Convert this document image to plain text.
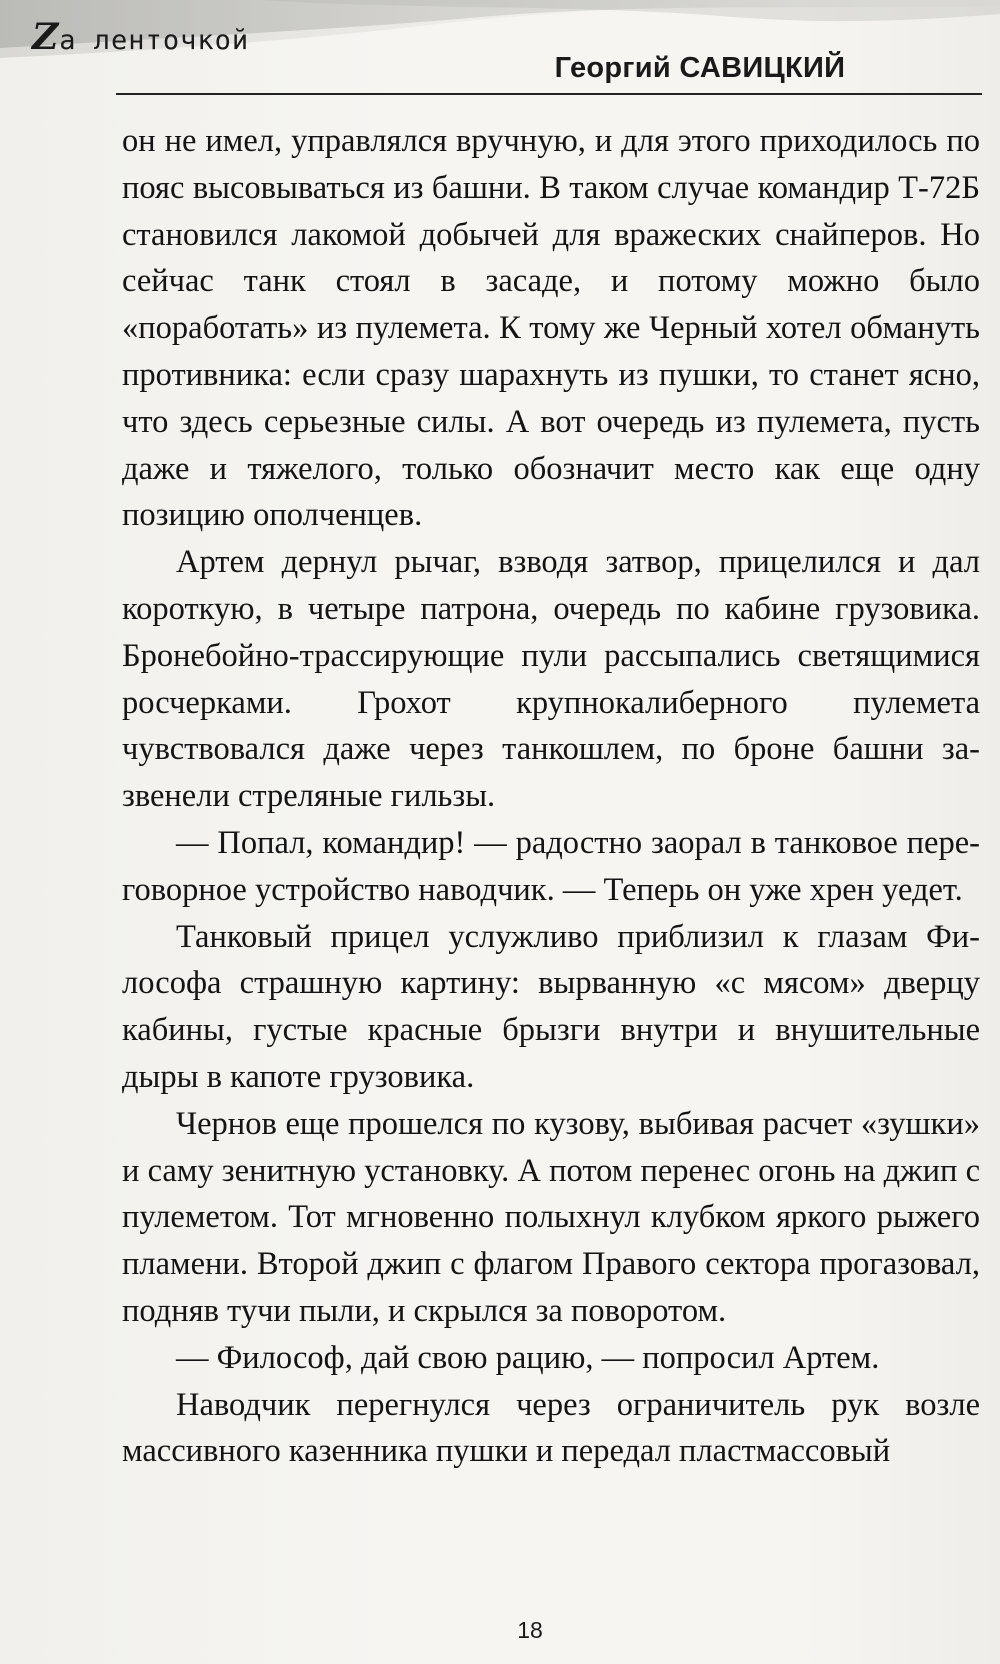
Zа ленточкой
Георгий САВИЦКИЙ

он не имел, управлялся вручную, и для этого приходилось по пояс высовываться из башни. В таком случае командир Т-72Б становился лакомой добычей для вражеских снайперов. Но сейчас танк стоял в засаде, и потому можно было «поработать» из пулемета. К тому же Черный хотел обмануть противника: если сразу шарахнуть из пушки, то станет ясно, что здесь серьезные силы. А вот очередь из пулемета, пусть даже и тяжелого, только обозначит место как еще одну позицию ополченцев.

Артем дернул рычаг, взводя затвор, прицелился и дал короткую, в четыре патрона, очередь по кабине грузовика. Бронебойно-трассирующие пули рассыпались светящимися росчерками. Грохот крупнокалиберного пулемета чувствовался даже через танкошлем, по броне башни зазвенели стреляные гильзы.

— Попал, командир! — радостно заорал в танковое переговорное устройство наводчик. — Теперь он уже хрен уедет.

Танковый прицел услужливо приблизил к глазам Философа страшную картину: вырванную «с мясом» дверцу кабины, густые красные брызги внутри и внушительные дыры в капоте грузовика.

Чернов еще прошелся по кузову, выбивая расчет «зушки» и саму зенитную установку. А потом перенес огонь на джип с пулеметом. Тот мгновенно полыхнул клубком яркого рыжего пламени. Второй джип с флагом Правого сектора прогазовал, подняв тучи пыли, и скрылся за поворотом.

— Философ, дай свою рацию, — попросил Артем.

Наводчик перегнулся через ограничитель рук возле массивного казенника пушки и передал пластмассовый

18
